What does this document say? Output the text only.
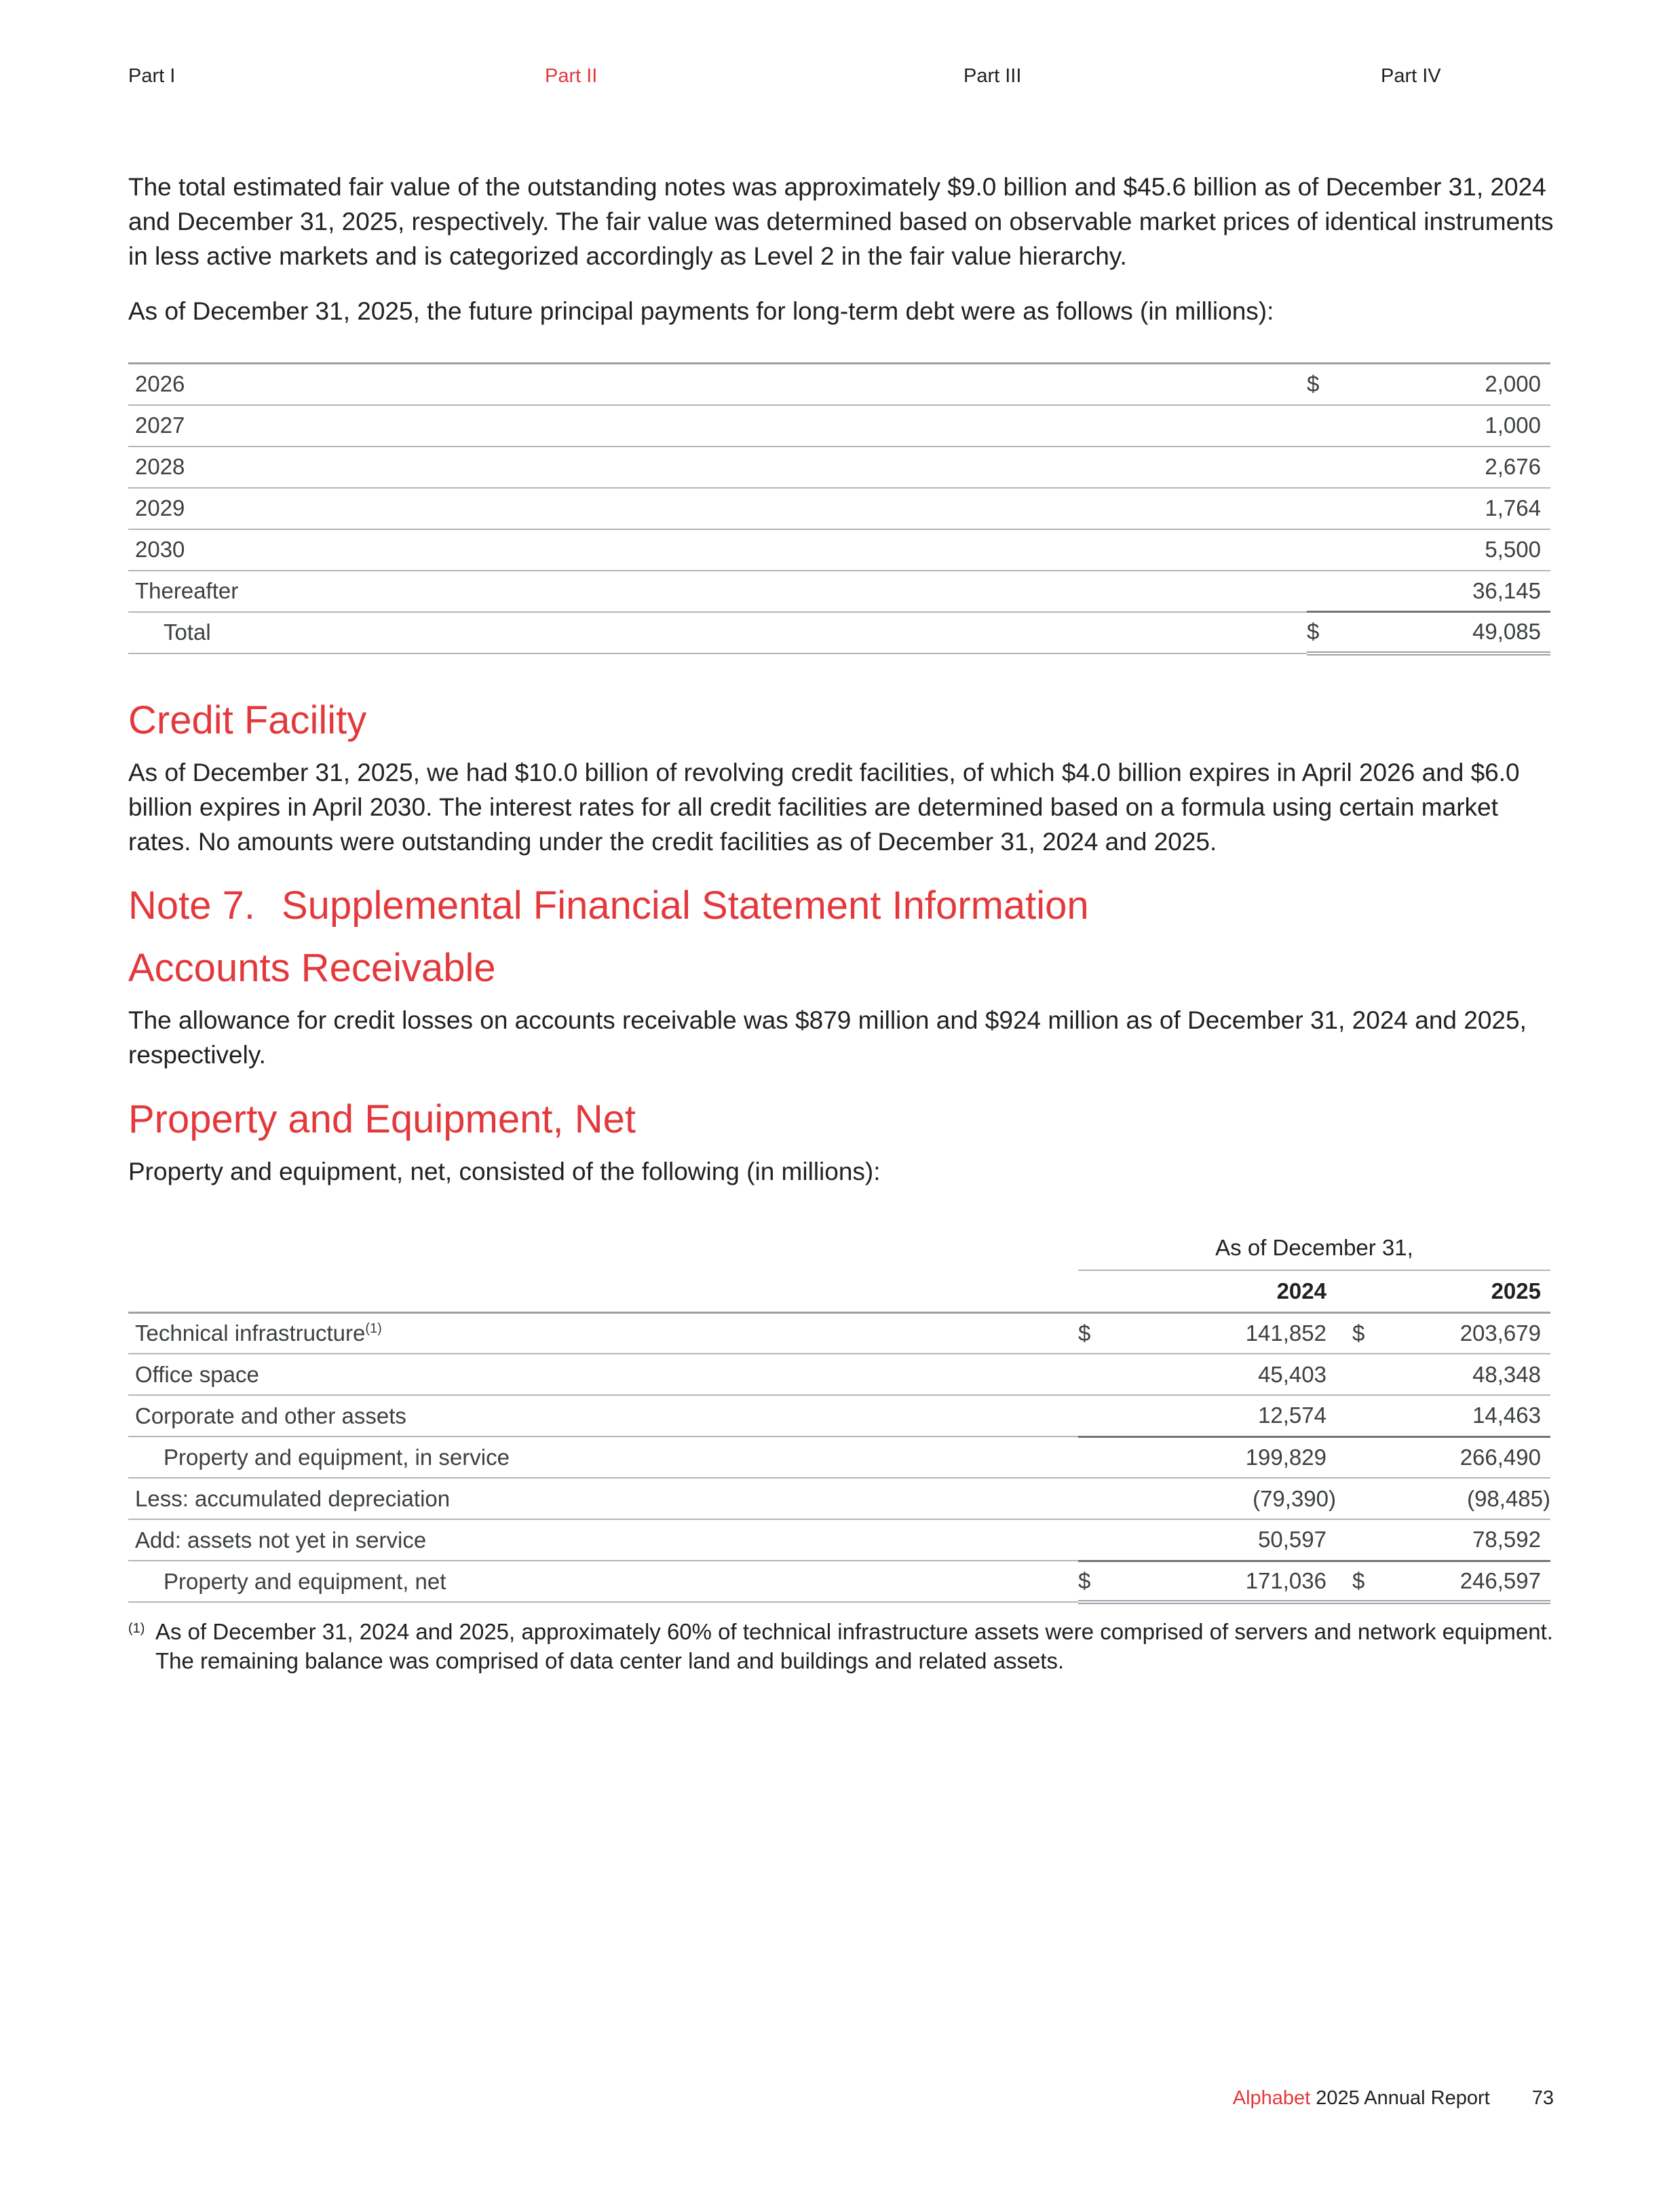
Part I	Part II	Part III	Part IV

The total estimated fair value of the outstanding notes was approximately $9.0 billion and $45.6 billion as of December 31, 2024 and December 31, 2025, respectively. The fair value was determined based on observable market prices of identical instruments in less active markets and is categorized accordingly as Level 2 in the fair value hierarchy.

As of December 31, 2025, the future principal payments for long-term debt were as follows (in millions):

2026	$	2,000
2027		1,000
2028		2,676
2029		1,764
2030		5,500
Thereafter		36,145
Total	$	49,085
Credit Facility

As of December 31, 2025, we had $10.0 billion of revolving credit facilities, of which $4.0 billion expires in April 2026 and $6.0 billion expires in April 2030. The interest rates for all credit facilities are determined based on a formula using certain market rates. No amounts were outstanding under the credit facilities as of December 31, 2024 and 2025.

Note 7. Supplemental Financial Statement Information
Accounts Receivable

The allowance for credit losses on accounts receivable was $879 million and $924 million as of December 31, 2024 and 2025, respectively.

Property and Equipment, Net

Property and equipment, net, consisted of the following (in millions):

	As of December 31,				
		2024			2025
Technical infrastructure$^{(1)}$	$	141,852		$	203,679
Office space		45,403			48,348
Corporate and other assets		12,574			14,463
Property and equipment, in service		199,829			266,490
Less: accumulated depreciation		(79,390)			(98,485)
Add: assets not yet in service		50,597			78,592
Property and equipment, net	$	171,036		$	246,597
(1) As of December 31, 2024 and 2025, approximately 60% of technical infrastructure assets were comprised of servers and network equipment. The remaining balance was comprised of data center land and buildings and related assets.
Alphabet 2025 Annual Report 73
